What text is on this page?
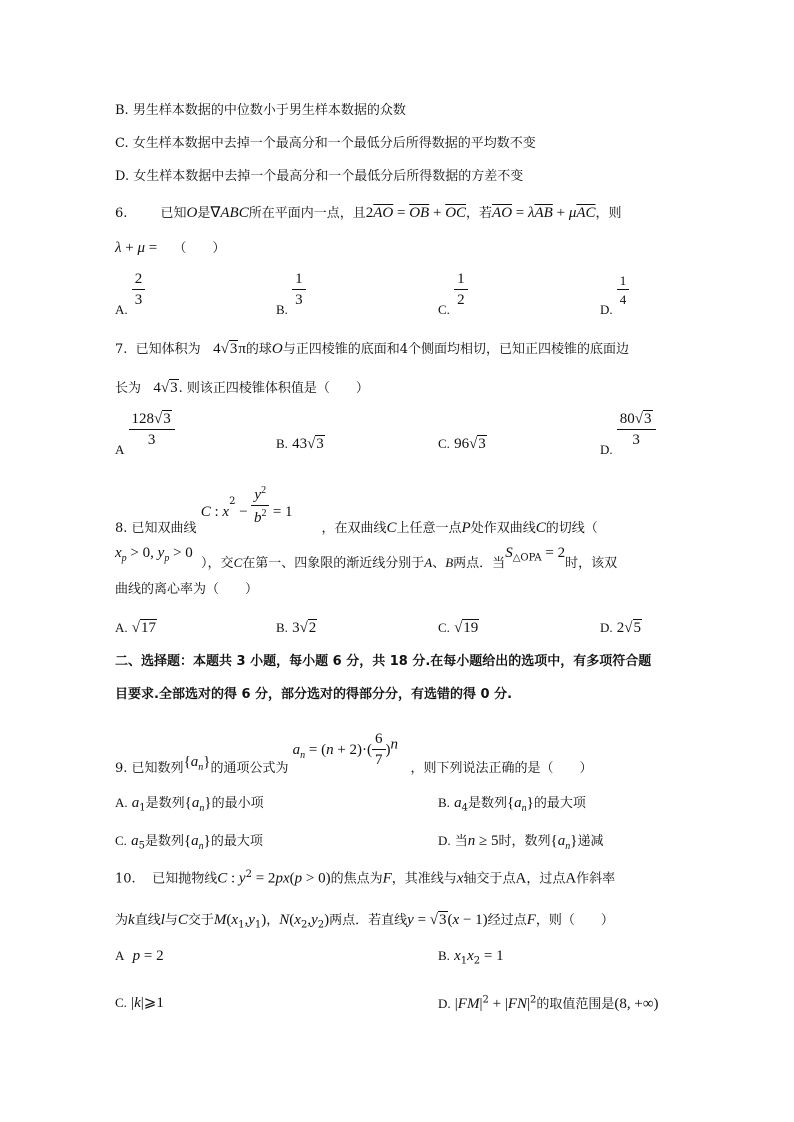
B. 男生样本数据的中位数小于男生样本数据的众数
C. 女生样本数据中去掉一个最高分和一个最低分后所得数据的平均数不变
D. 女生样本数据中去掉一个最高分和一个最低分后所得数据的方差不变
6.	已知O是∇ABC所在平面内一点，且$2\overline{AO} = \overline{OB} + \overline{OC}$，若$\overline{AO} = \lambda\overline{AB} + \mu\overline{AC}$，则
λ + μ =    （　　）
A.
$\frac{2}{3}$
B.
$\frac{1}{3}$
C.
$\frac{1}{2}$
D.
$\frac{1}{4}$
7. 已知体积为 4√3π的球O与正四棱锥的底面和4个侧面均相切，已知正四棱锥的底面边
长为 4√3. 则该正四棱锥体积值是（　　）
A
$\frac{128√3}{3}$	B. 43√3	C. 96√3	D.
$\frac{80√3}{3}$
8. 已知双曲线 C : $x^2 - \frac{y^2}{b^2} = 1$       ，在双曲线C上任意一点P处作双曲线C的切线（
$x_p > 0$, $y_p > 0$  ），交C在第一、四象限的渐近线分别于A、B两点．当$S_{\triangle OPA} = 2$时，该双
曲线的离心率为（　　）
A. √17	B. 3√2	C. √19	D. 2√5
二、选择题：本题共 3 小题，每小题 6 分，共 18 分.在每小题给出的选项中，有多项符合题
目要求.全部选对的得 6 分，部分选对的得部分分，有选错的得 0 分.
9. 已知数列$\{a_n\}$的通项公式为 $a_n = (n + 2)\cdot( \frac{6}{7} )^n$   ，则下列说法正确的是（　　）
A. $a_1$是数列$\{a_n\}$的最小项	B. $a_4$是数列$\{a_n\}$的最大项
C. $a_5$是数列$\{a_n\}$的最大项	D. 当n ≥ 5时，数列$\{a_n\}$递减
10. 已知抛物线C : $y^2 = 2px(p > 0)$的焦点为F，其准线与x轴交于点A，过点A作斜率
为k直线l与C交于$M(x_1,y_1)$，$N(x_2,y_2)$两点．若直线y = √3(x − 1)经过点F，则（　　）
A p = 2	B. $x_1x_2 = 1$
C. |k|⩾1	D. $|FM|^2 + |FN|^2$的取值范围是(8, +∞)
